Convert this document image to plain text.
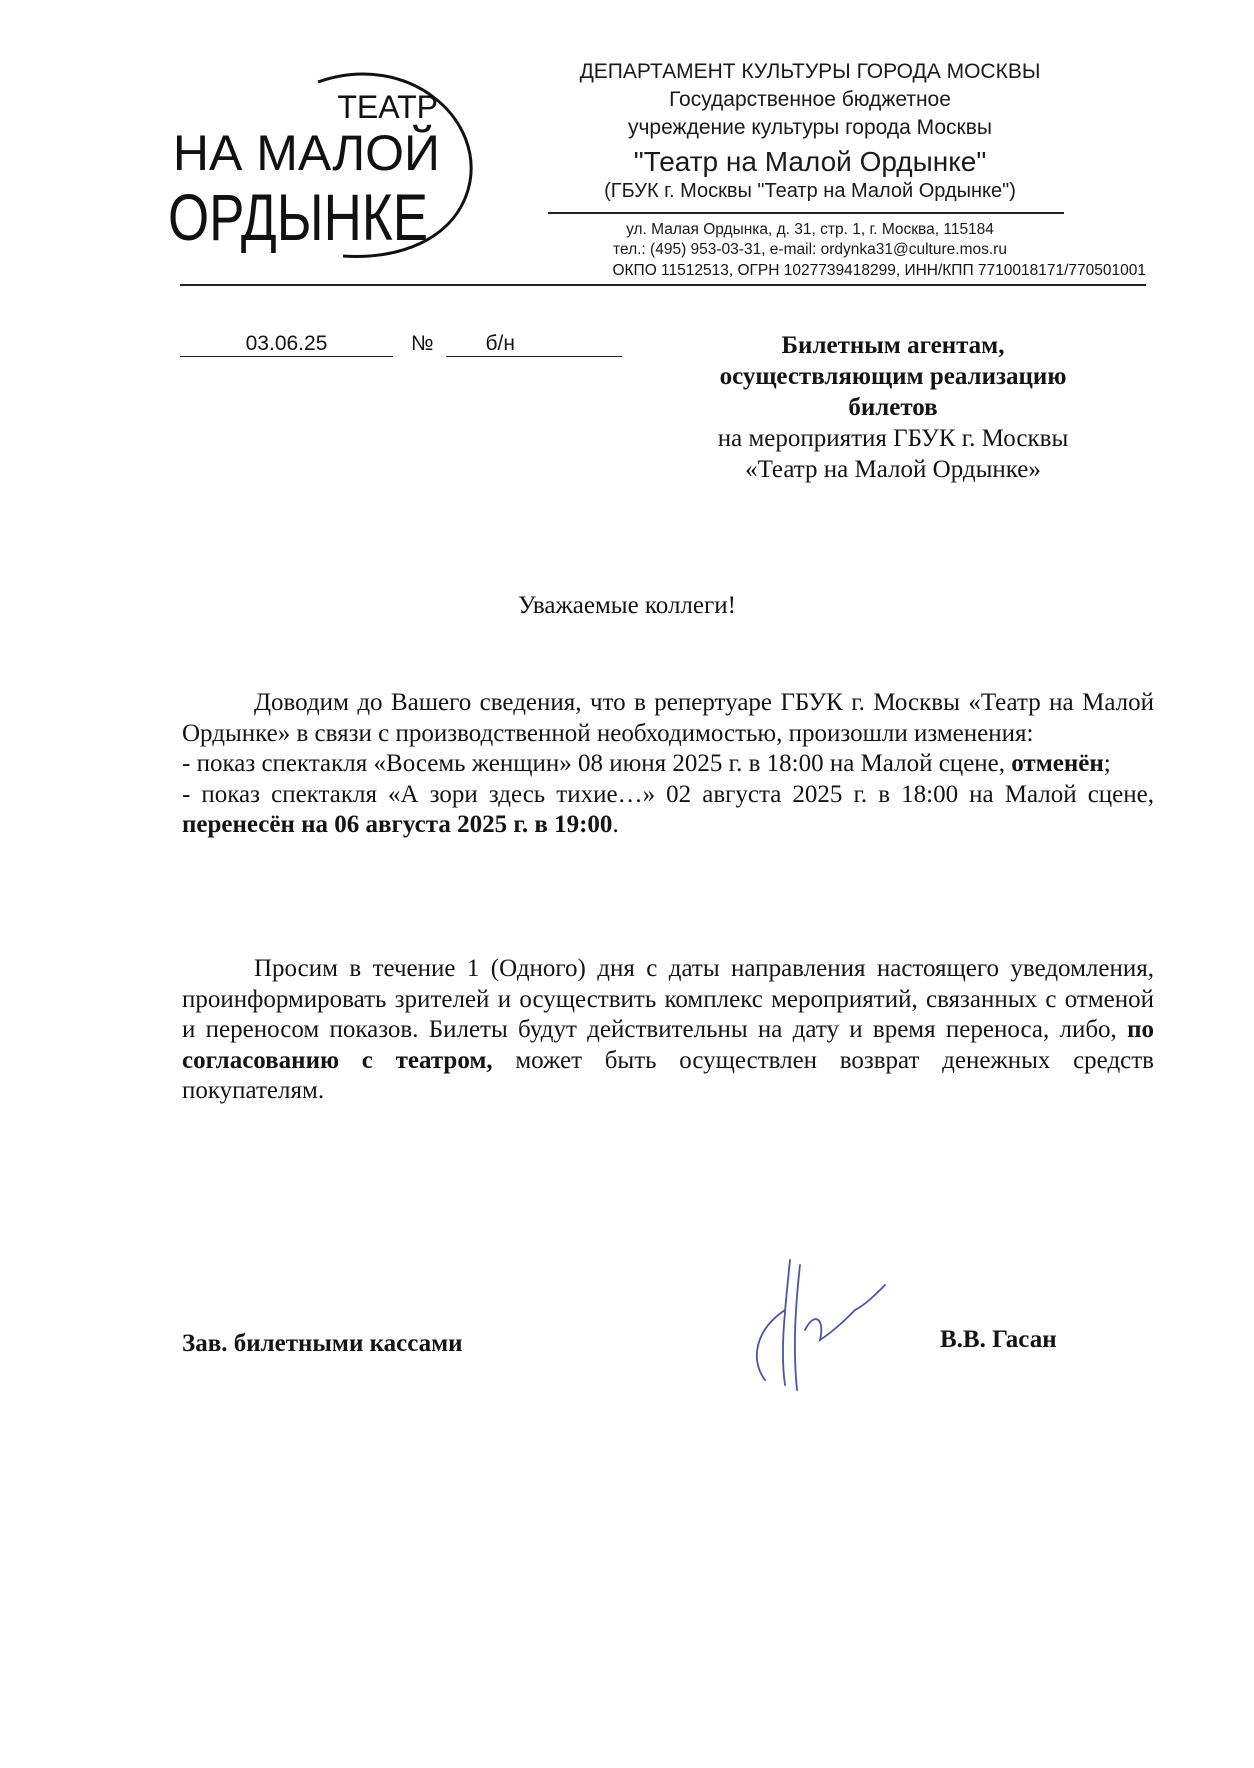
ТЕАТР
НА МАЛОЙ
ОРДЫНКЕ
ДЕПАРТАМЕНТ КУЛЬТУРЫ ГОРОДА МОСКВЫ
Государственное бюджетное
учреждение культуры города Москвы
"Театр на Малой Ордынке"
(ГБУК г. Москвы "Театр на Малой Ордынке")
ул. Малая Ордынка, д. 31, стр. 1, г. Москва, 115184
тел.: (495) 953-03-31, e-mail: ordynka31@culture.mos.ru
ОКПО 11512513, ОГРН 1027739418299, ИНН/КПП 7710018171/770501001
03.06.25	№ б/н	Билетным агентам,
осуществляющим реализацию
билетов
на мероприятия ГБУК г. Москвы
«Театр на Малой Ордынке»
Уважаемые коллеги!

Доводим до Вашего сведения, что в репертуаре ГБУК г. Москвы «Театр на Малой Ордынке» в связи с производственной необходимостью, произошли изменения:

- показ спектакля «Восемь женщин» 08 июня 2025 г. в 18:00 на Малой сцене, отменён;

- показ спектакля «А зори здесь тихие…» 02 августа 2025 г. в 18:00 на Малой сцене, перенесён на 06 августа 2025 г. в 19:00.

Просим в течение 1 (Одного) дня с даты направления настоящего уведомления, проинформировать зрителей и осуществить комплекс мероприятий, связанных с отменой и переносом показов. Билеты будут действительны на дату и время переноса, либо, по согласованию с театром, может быть осуществлен возврат денежных средств покупателям.

Зав. билетными кассами	В.В. Гасан
